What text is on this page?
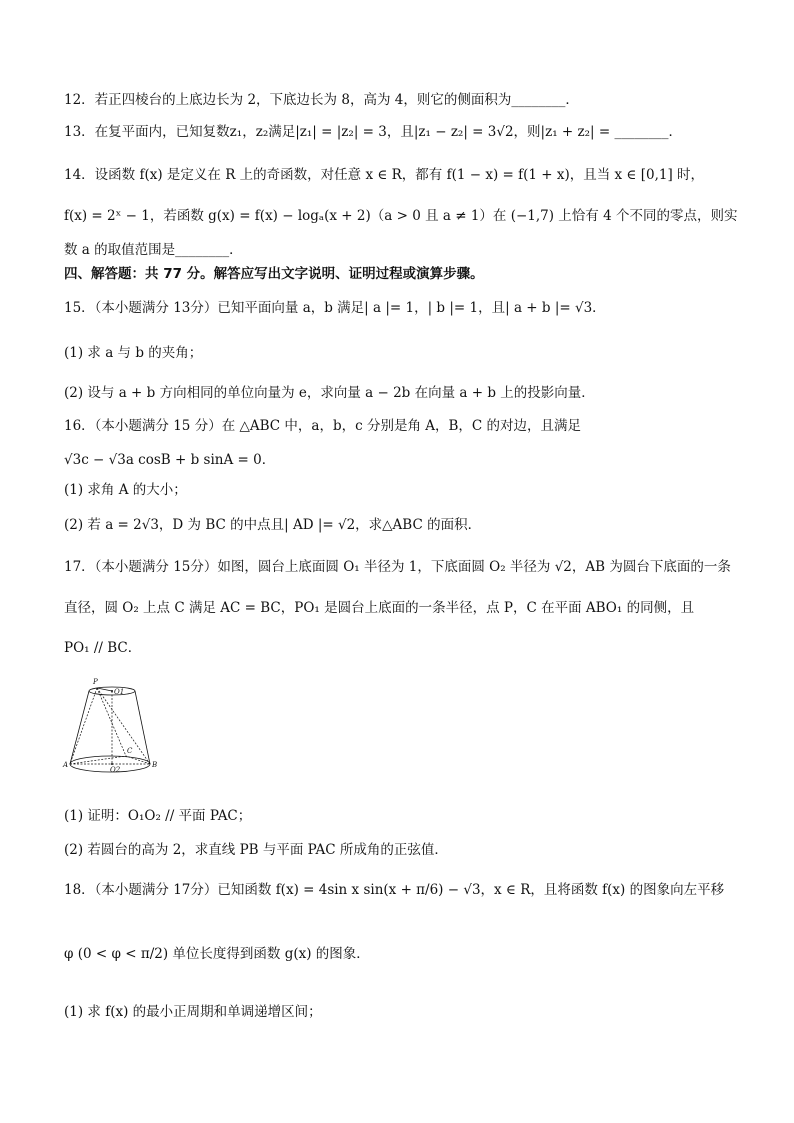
12．若正四棱台的上底边长为 2，下底边长为 8，高为 4，则它的侧面积为________．
13．在复平面内，已知复数z₁，z₂满足|z₁| = |z₂| = 3，且|z₁ − z₂| = 3√2，则|z₁ + z₂| = ________．
14．设函数 f(x) 是定义在 R 上的奇函数，对任意 x ∈ R，都有 f(1 − x) = f(1 + x)，且当 x ∈ [0,1] 时，
f(x) = 2ˣ − 1，若函数 g(x) = f(x) − logₐ(x + 2)（a > 0 且 a ≠ 1）在 (−1,7) 上恰有 4 个不同的零点，则实
数 a 的取值范围是________．
四、解答题：共 77 分。解答应写出文字说明、证明过程或演算步骤。
15．（本小题满分 13分）已知平面向量 a，b 满足| a |= 1，| b |= 1，且| a + b |= √3．
(1) 求 a 与 b 的夹角；
(2) 设与 a + b 方向相同的单位向量为 e，求向量 a − 2b 在向量 a + b 上的投影向量．
16．（本小题满分 15 分）在 △ABC 中，a，b，c 分别是角 A，B，C 的对边，且满足
√3c − √3a cosB + b sinA = 0．
(1) 求角 A 的大小；
(2) 若 a = 2√3，D 为 BC 的中点且| AD |= √2，求△ABC 的面积．
17．（本小题满分 15分）如图，圆台上底面圆 O₁ 半径为 1，下底面圆 O₂ 半径为 √2，AB 为圆台下底面的一条
直径，圆 O₂ 上点 C 满足 AC = BC，PO₁ 是圆台上底面的一条半径，点 P，C 在平面 ABO₁ 的同侧，且
PO₁ // BC．
P
O1
C
A
O2
B
(1) 证明：O₁O₂ // 平面 PAC；
(2) 若圆台的高为 2，求直线 PB 与平面 PAC 所成角的正弦值．
18．（本小题满分 17分）已知函数 f(x) = 4sin x sin(x + π/6) − √3，x ∈ R，且将函数 f(x) 的图象向左平移
φ (0 < φ < π/2) 单位长度得到函数 g(x) 的图象．
(1) 求 f(x) 的最小正周期和单调递增区间；
